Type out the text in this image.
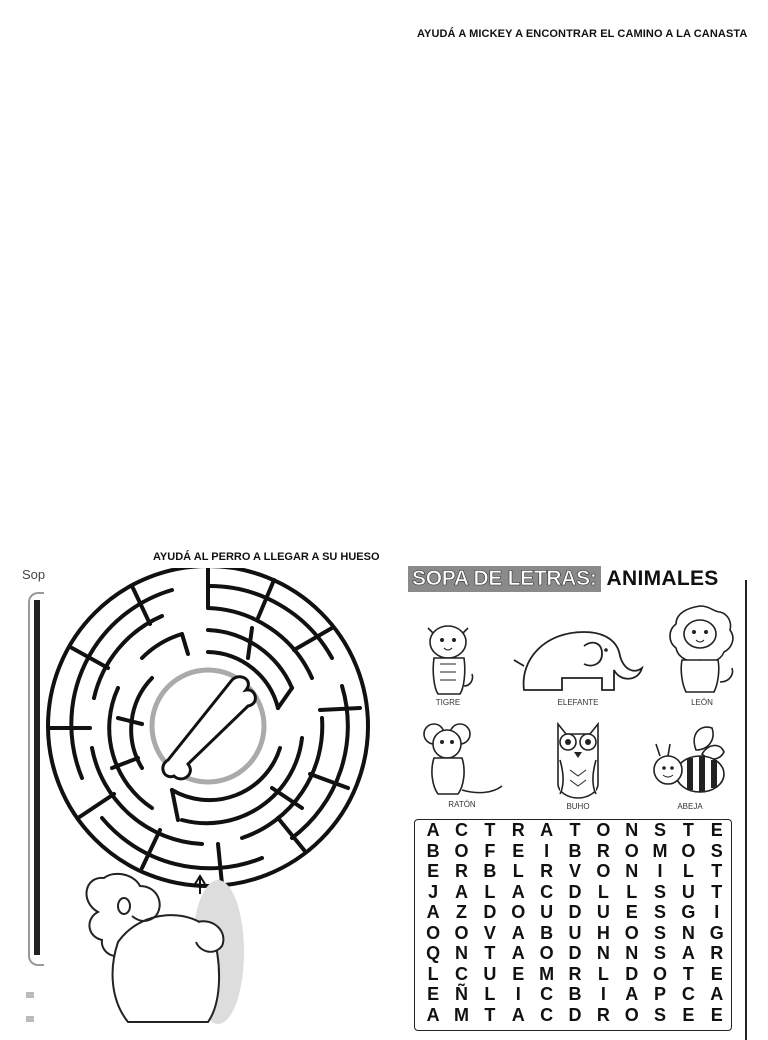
AYUDÁ A MICKEY A ENCONTRAR EL CAMINO A LA CANASTA
Sop
AYUDÁ AL PERRO A LLEGAR A SU HUESO
SOPA DE LETRAS: ANIMALES
TIGRE	ELEFANTE	LEÓN
RATÓN	BUHO	ABEJA
A C T R A T O N S T E
B O F E	I	B R O M O S
E R B L R V O N	I	L T
J A L A C D L L S U T
A Z D O U D U E S G	I
O O V A B U H O S N G
Q N T A O D N N S A R
L C U E M R L D O T E
E Ñ L	I	C B	I	A P C A
A M T A C D R O S E E
